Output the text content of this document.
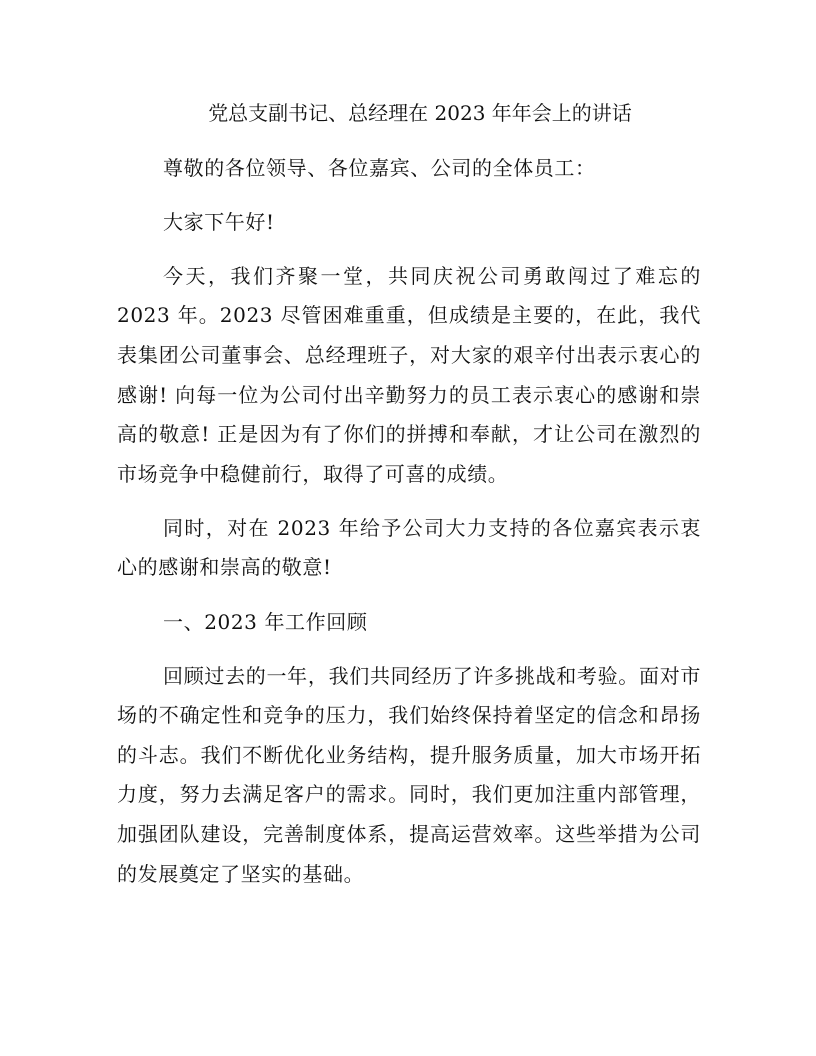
党总支副书记、总经理在 2023 年年会上的讲话

尊敬的各位领导、各位嘉宾、公司的全体员工：

大家下午好!

今天，我们齐聚一堂，共同庆祝公司勇敢闯过了难忘的 2023 年。2023 尽管困难重重，但成绩是主要的，在此，我代表集团公司董事会、总经理班子，对大家的艰辛付出表示衷心的感谢! 向每一位为公司付出辛勤努力的员工表示衷心的感谢和崇高的敬意! 正是因为有了你们的拼搏和奉献，才让公司在激烈的市场竞争中稳健前行，取得了可喜的成绩。

同时，对在 2023 年给予公司大力支持的各位嘉宾表示衷心的感谢和崇高的敬意!

一、2023 年工作回顾

回顾过去的一年，我们共同经历了许多挑战和考验。面对市场的不确定性和竞争的压力，我们始终保持着坚定的信念和昂扬的斗志。我们不断优化业务结构，提升服务质量，加大市场开拓力度，努力去满足客户的需求。同时，我们更加注重内部管理，加强团队建设，完善制度体系，提高运营效率。这些举措为公司的发展奠定了坚实的基础。
